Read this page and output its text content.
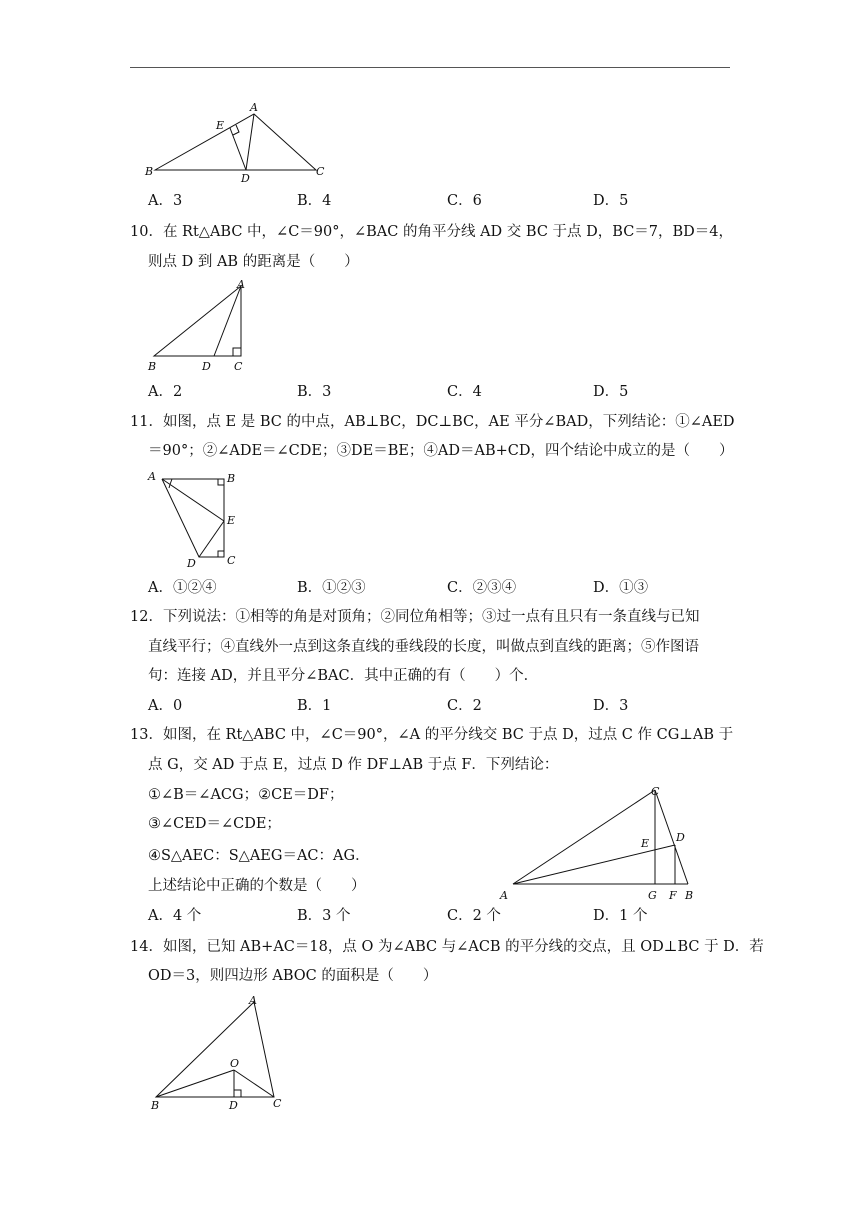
A
E
B	C
D
A．3	B．4	C．6	D．5
10．在 Rt△ABC 中，∠C＝90°，∠BAC 的角平分线 AD 交 BC 于点 D，BC＝7，BD＝4，
则点 D 到 AB 的距离是（　　）
A
B	D C
A．2	B．3	C．4	D．5
11．如图，点 E 是 BC 的中点，AB⊥BC，DC⊥BC，AE 平分∠BAD，下列结论：①∠AED
＝90°；②∠ADE＝∠CDE；③DE＝BE；④AD＝AB+CD，四个结论中成立的是（　　）
A	B
E
D	C
A．①②④	B．①②③	C．②③④	D．①③
12．下列说法：①相等的角是对顶角；②同位角相等；③过一点有且只有一条直线与已知
直线平行；④直线外一点到这条直线的垂线段的长度，叫做点到直线的距离；⑤作图语
句：连接 AD，并且平分∠BAC．其中正确的有（　　）个．
A．0	B．1	C．2	D．3
13．如图，在 Rt△ABC 中，∠C＝90°，∠A 的平分线交 BC 于点 D，过点 C 作 CG⊥AB 于
点 G，交 AD 于点 E，过点 D 作 DF⊥AB 于点 F．下列结论：
①∠B＝∠ACG；②CE＝DF；
③∠CED＝∠CDE；
④S△AEC：S△AEG＝AC：AG．
上述结论中正确的个数是（　　）
C
D
E
A	G F B
A．4 个	B．3 个	C．2 个	D．1 个
14．如图，已知 AB+AC＝18，点 O 为∠ABC 与∠ACB 的平分线的交点，且 OD⊥BC 于 D．若
OD＝3，则四边形 ABOC 的面积是（　　）
A
O
B	D	C
